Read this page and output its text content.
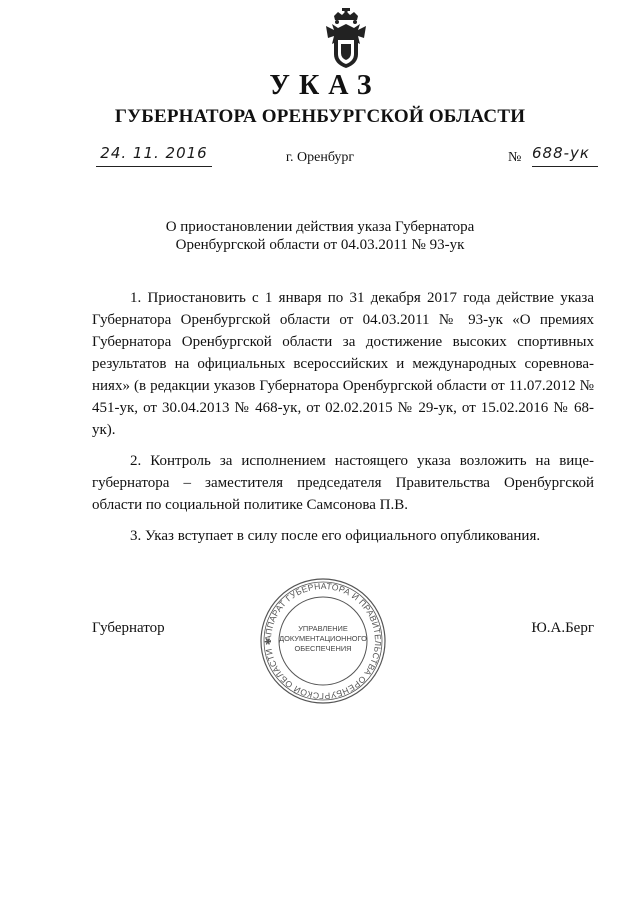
УКАЗ
ГУБЕРНАТОРА ОРЕНБУРГСКОЙ ОБЛАСТИ
24. 11. 2016	г. Оренбург	№ 688-ук
О приостановлении действия указа Губернатора
Оренбургской области от 04.03.2011 № 93-ук

1. Приостановить с 1 января по 31 декабря 2017 года действие указа Губернатора Оренбургской области от 04.03.2011 № 93-ук «О премиях Губернатора Оренбургской области за достижение высоких спортивных результатов на официальных всероссийских и международных соревнованиях» (в редакции указов Губернатора Оренбургской области от 11.07.2012 № 451-ук, от 30.04.2013 № 468-ук, от 02.02.2015 № 29-ук, от 15.02.2016 № 68-ук).

2. Контроль за исполнением настоящего указа возложить на вице-губернатора – заместителя председателя Правительства Оренбургской области по социальной политике Самсонова П.В.

3. Указ вступает в силу после его официального опубликования.

Губернатор	Ю.А.Берг
АППАРАТ ГУБЕРНАТОРА И ПРАВИТЕЛЬСТВА ОРЕНБУРГСКОЙ ОБЛАСТИ ✱
УПРАВЛЕНИЕ
ДОКУМЕНТАЦИОННОГО
ОБЕСПЕЧЕНИЯ
